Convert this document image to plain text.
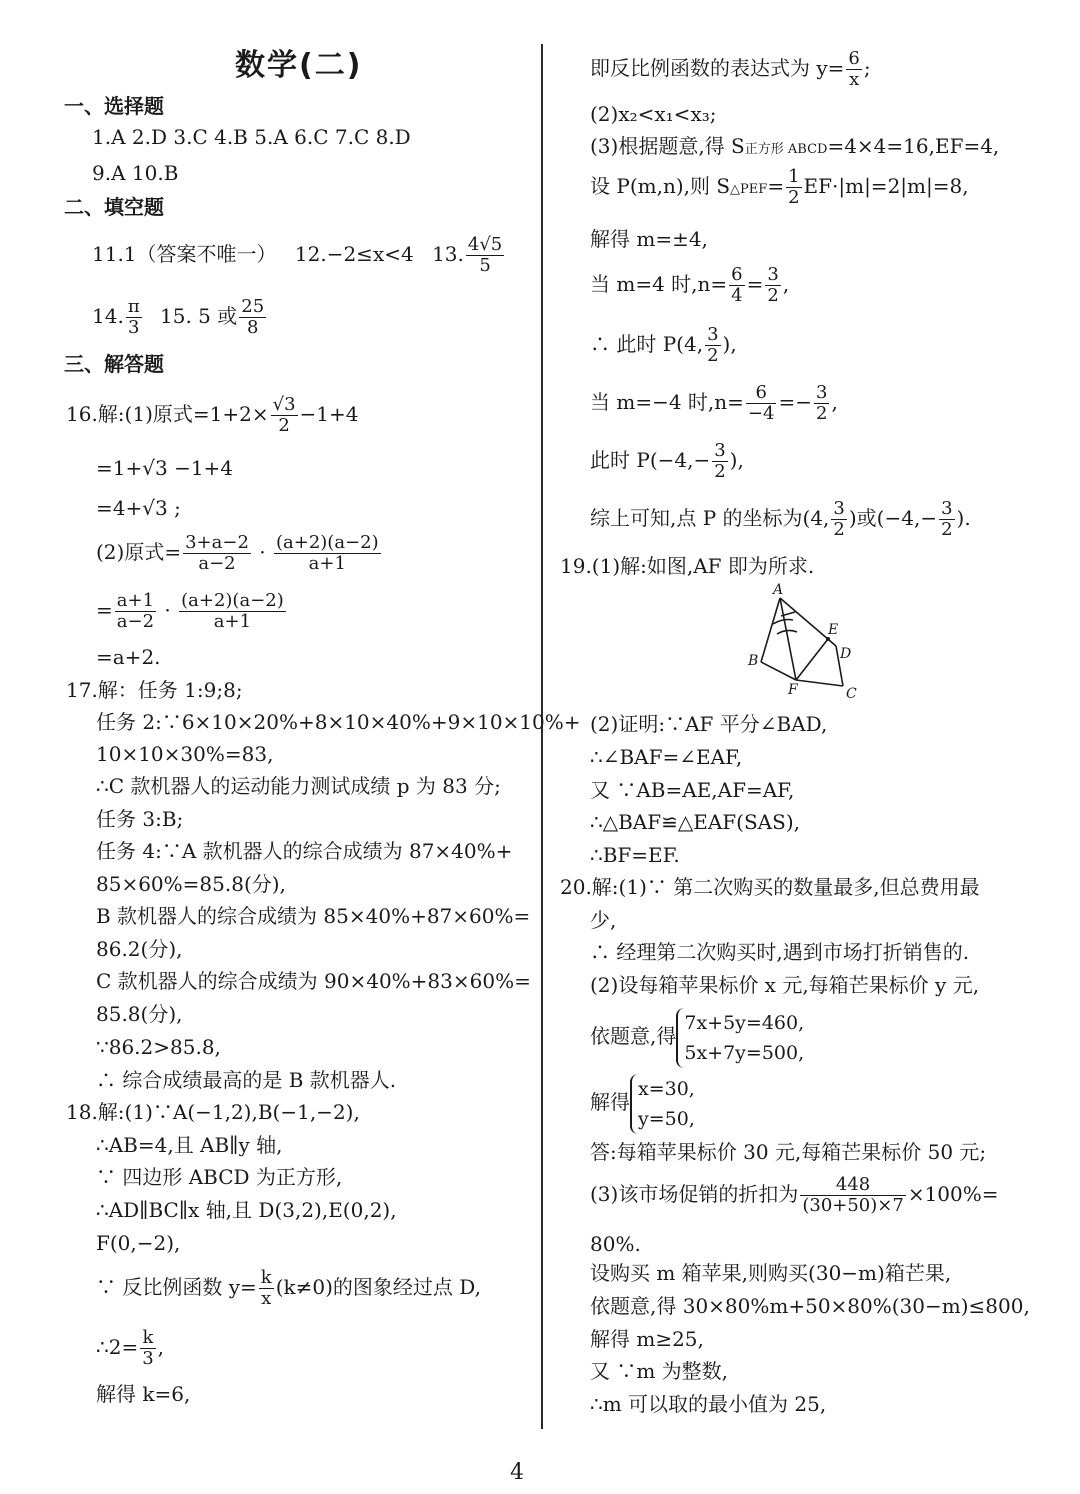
数学(二)
一、选择题
1.A 2.D 3.C 4.B 5.A 6.C 7.C 8.D
9.A 10.B
二、填空题
11.1（答案不唯一） 12.−2≤x<4 13. $\frac{4√5}{5}$
14. $\frac{\pi}{3} 15$. 5 或 $\frac{25}{8}$
三、解答题
16.解:(1)原式$=1+2\times \frac{√3}{2} -1+4$
=1+√3 −1+4
=4+√3 ;
(2)原式= $\frac{3+a-2}{a-2} \cdot \frac{(a+2)(a-2)}{a+1}$
= $\frac{a+1}{a-2} \cdot \frac{(a+2)(a-2)}{a+1}$
=a+2.
17.解：任务 1:9;8;
任务 2:∵6×10×20%+8×10×40%+9×10×10%+
10×10×30%=83,
∴C 款机器人的运动能力测试成绩 p 为 83 分;
任务 3:B;
任务 4:∵A 款机器人的综合成绩为 87×40%+
85×60%=85.8(分),
B 款机器人的综合成绩为 85×40%+87×60%=
86.2(分),
C 款机器人的综合成绩为 90×40%+83×60%=
85.8(分),
∵86.2>85.8,
∴ 综合成绩最高的是 B 款机器人.
18.解:(1)∵A(−1,2),B(−1,−2),
∴AB=4,且 AB∥y 轴,
∵ 四边形 ABCD 为正方形,
∴AD∥BC∥x 轴,且 D(3,2),E(0,2),
F(0,−2),
∵ 反比例函数 $y= \frac{k}{x} (k\ne 0)$的图象经过点 D,
∴2= $\frac{k}{3}$ ,
解得 k=6,
即反比例函数的表达式为 $y= \frac{6}{x}$ ;
(2)x₂<x₁<x₃;
(3)根据题意,得 S正方形 ABCD=4×4=16,EF=4,
设 P(m,n),则 S△PEF= $\frac{1}{2} EF\cdot|m|=2|m|=8$,
解得 m=±4,
当 m=4 时$,n= \frac{6}{4} = \frac{3}{2}$ ,
∴ 此时 P(4, $\frac{3}{2}$ ),
当 m=−4 时$,n= \frac{6}{-4} =- \frac{3}{2}$ ,
此时 $P(-4,- \frac{3}{2}$ ),
综上可知,点 P 的坐标为(4, $\frac{3}{2}$ )或($-4,- \frac{3}{2}$ ).
19.(1)解:如图,AF 即为所求.
A
B
C
D
E
F
(2)证明:∵AF 平分∠BAD,
∴∠BAF=∠EAF,
又 ∵AB=AE,AF=AF,
∴△BAF≌△EAF(SAS),
∴BF=EF.
20.解:(1)∵ 第二次购买的数量最多,但总费用最
少,
∴ 经理第二次购买时,遇到市场打折销售的.
(2)设每箱苹果标价 x 元,每箱芒果标价 y 元,
依题意,得
7x+5y=460,
5x+7y=500,
解得
x=30,
y=50,
答:每箱苹果标价 30 元,每箱芒果标价 50 元;
(3)该市场促销的折扣为 $\frac{448}{(30+50)\times 7} \times 100\%=$
80%.
设购买 m 箱苹果,则购买(30−m)箱芒果,
依题意,得 30×80%m+50×80%(30−m)≤800,
解得 m≥25,
又 ∵m 为整数,
∴m 可以取的最小值为 25,
4
